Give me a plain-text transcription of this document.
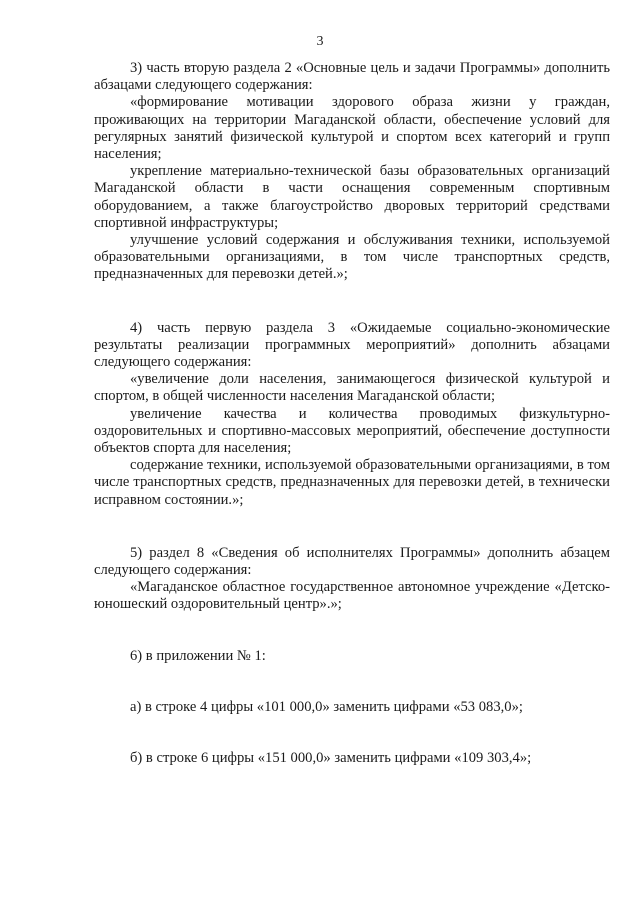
3

3) часть вторую раздела 2 «Основные цель и задачи Программы» дополнить абзацами следующего содержания:

«формирование мотивации здорового образа жизни у граждан, проживающих на территории Магаданской области, обеспечение условий для регулярных занятий физической культурой и спортом всех категорий и групп населения;

укрепление материально-технической базы образовательных организаций Магаданской области в части оснащения современным спортивным оборудованием, а также благоустройство дворовых территорий средствами спортивной инфраструктуры;

улучшение условий содержания и обслуживания техники, используемой образовательными организациями, в том числе транспортных средств, предназначенных для перевозки детей.»;

4) часть первую раздела 3 «Ожидаемые социально-экономические результаты реализации программных мероприятий» дополнить абзацами следующего содержания:

«увеличение доли населения, занимающегося физической культурой и спортом, в общей численности населения Магаданской области;

увеличение качества и количества проводимых физкультурно-оздоровительных и спортивно-массовых мероприятий, обеспечение доступности объектов спорта для населения;

содержание техники, используемой образовательными организациями, в том числе транспортных средств, предназначенных для перевозки детей, в технически исправном состоянии.»;

5) раздел 8 «Сведения об исполнителях Программы» дополнить абзацем следующего содержания:

«Магаданское областное государственное автономное учреждение «Детско-юношеский оздоровительный центр».»;

6) в приложении № 1:

а) в строке 4 цифры «101 000,0» заменить цифрами «53 083,0»;

б) в строке 6 цифры «151 000,0» заменить цифрами «109 303,4»;
